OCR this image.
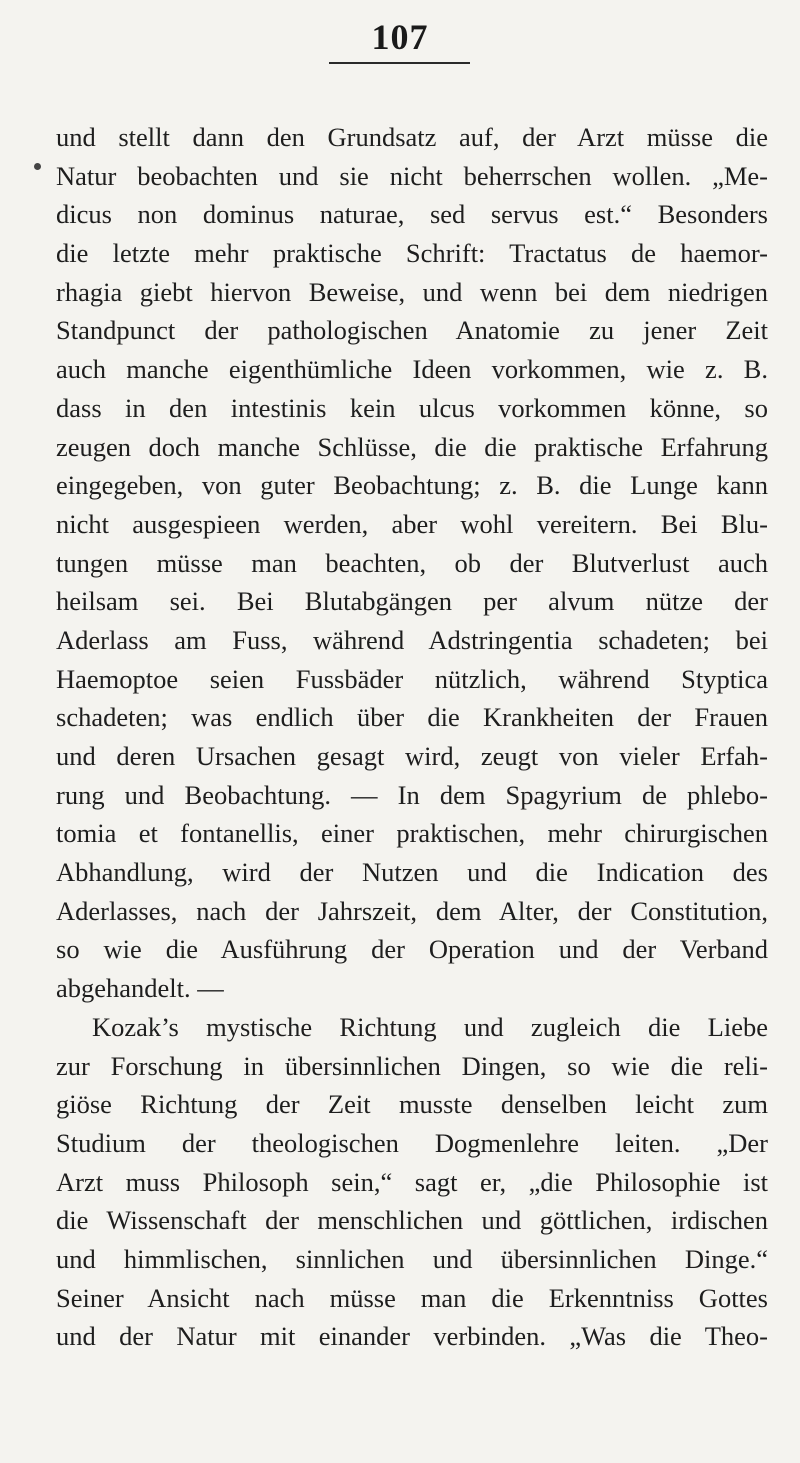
107
und stellt dann den Grundsatz auf, der Arzt müsse die
Natur beobachten und sie nicht beherrschen wollen. „Me-
dicus non dominus naturae, sed servus est.“ Besonders
die letzte mehr praktische Schrift: Tractatus de haemor-
rhagia giebt hiervon Beweise, und wenn bei dem niedrigen
Standpunct der pathologischen Anatomie zu jener Zeit
auch manche eigenthümliche Ideen vorkommen, wie z. B.
dass in den intestinis kein ulcus vorkommen könne, so
zeugen doch manche Schlüsse, die die praktische Erfahrung
eingegeben, von guter Beobachtung; z. B. die Lunge kann
nicht ausgespieen werden, aber wohl vereitern. Bei Blu-
tungen müsse man beachten, ob der Blutverlust auch
heilsam sei. Bei Blutabgängen per alvum nütze der
Aderlass am Fuss, während Adstringentia schadeten; bei
Haemoptoe seien Fussbäder nützlich, während Styptica
schadeten; was endlich über die Krankheiten der Frauen
und deren Ursachen gesagt wird, zeugt von vieler Erfah-
rung und Beobachtung. — In dem Spagyrium de phlebo-
tomia et fontanellis, einer praktischen, mehr chirurgischen
Abhandlung, wird der Nutzen und die Indication des
Aderlasses, nach der Jahrszeit, dem Alter, der Constitution,
so wie die Ausführung der Operation und der Verband
abgehandelt. —
Kozak’s mystische Richtung und zugleich die Liebe
zur Forschung in übersinnlichen Dingen, so wie die reli-
giöse Richtung der Zeit musste denselben leicht zum
Studium der theologischen Dogmenlehre leiten. „Der
Arzt muss Philosoph sein,“ sagt er, „die Philosophie ist
die Wissenschaft der menschlichen und göttlichen, irdischen
und himmlischen, sinnlichen und übersinnlichen Dinge.“
Seiner Ansicht nach müsse man die Erkenntniss Gottes
und der Natur mit einander verbinden. „Was die Theo-
